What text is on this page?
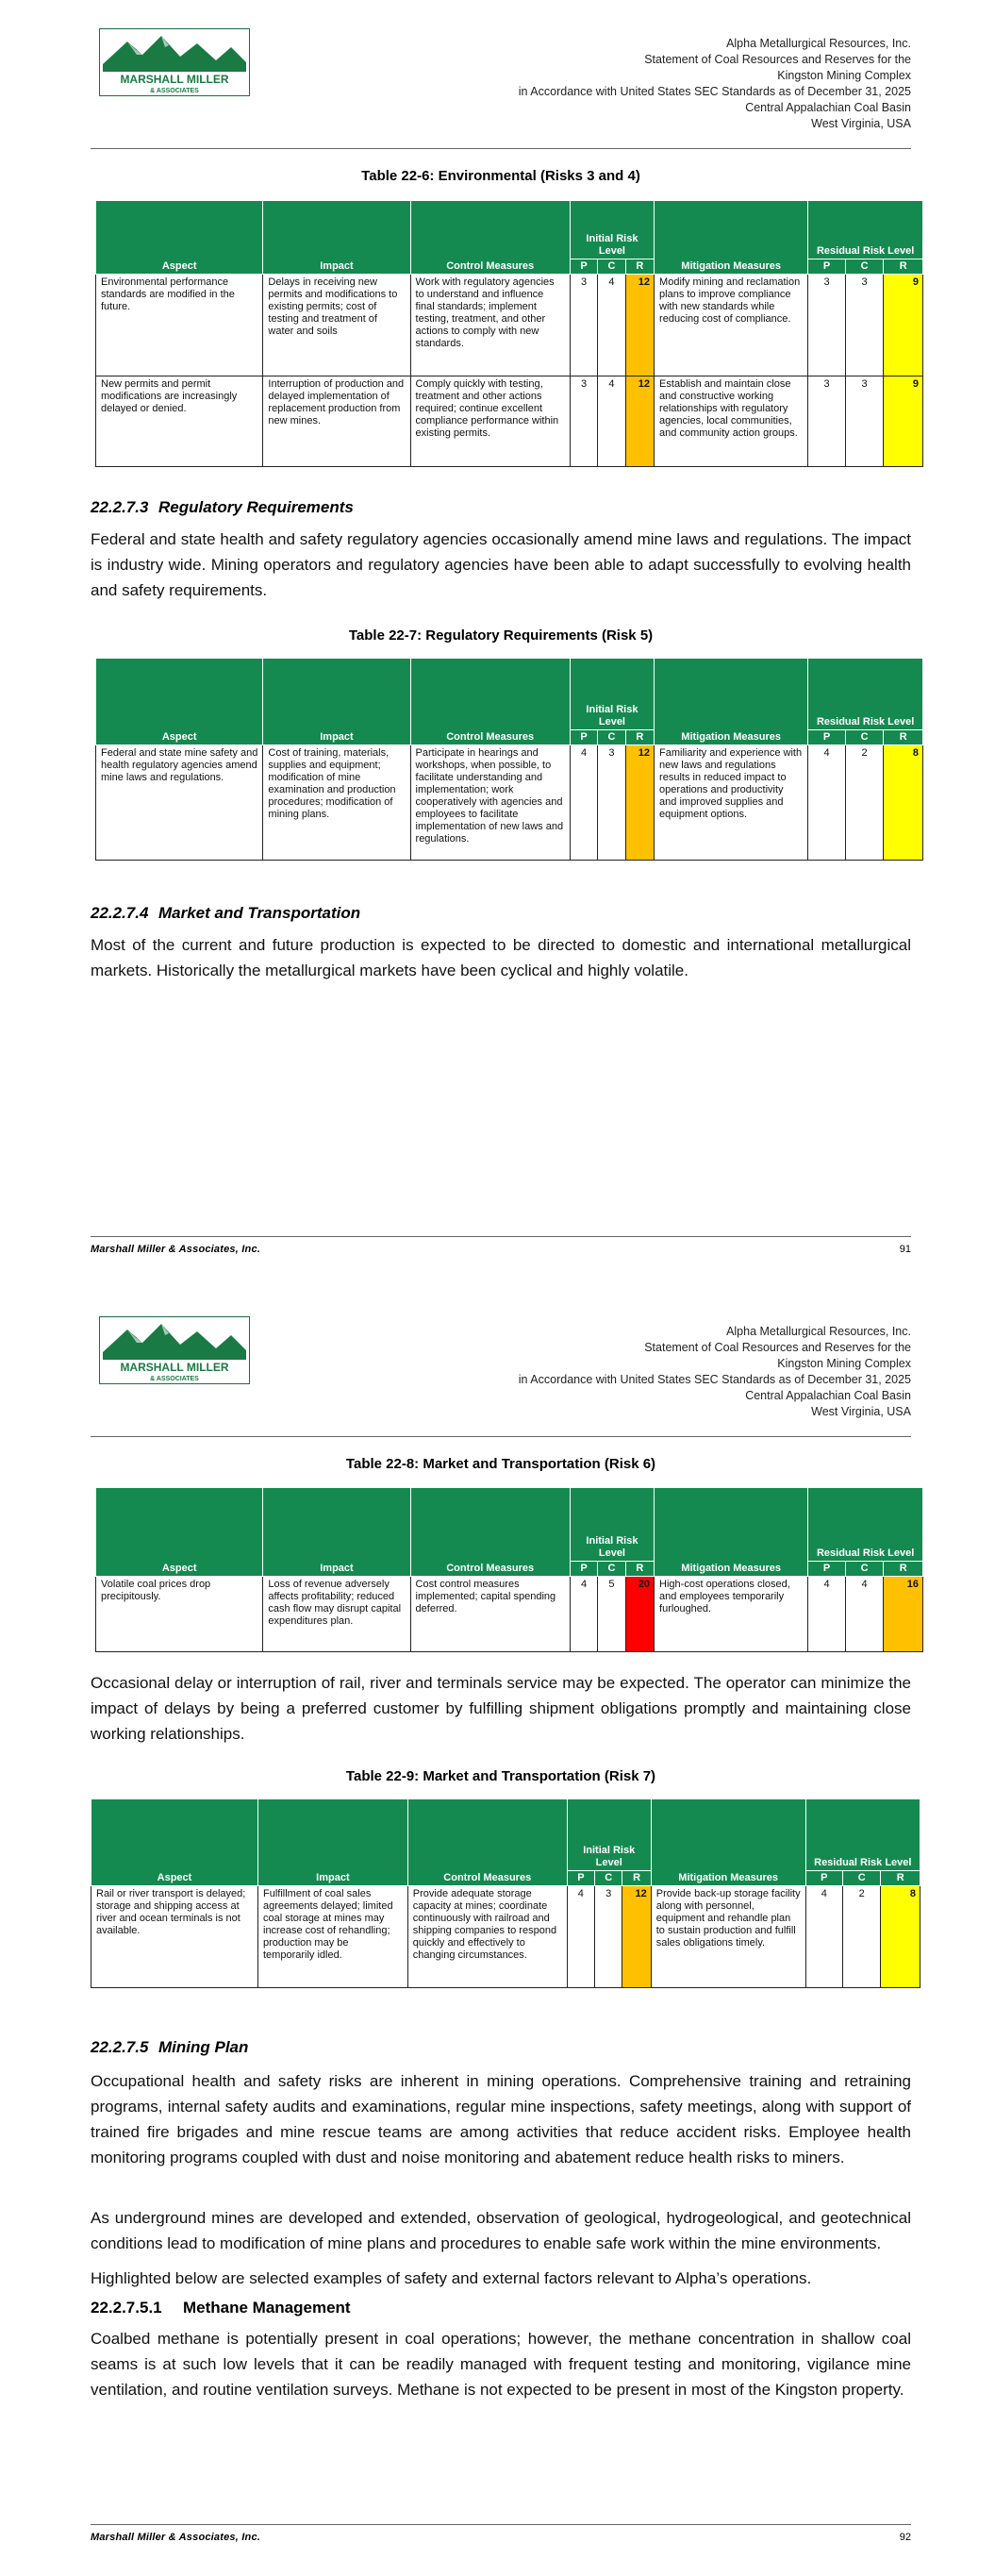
MARSHALL MILLER
& ASSOCIATES
Alpha Metallurgical Resources, Inc.
Statement of Coal Resources and Reserves for the
Kingston Mining Complex
in Accordance with United States SEC Standards as of December 31, 2025
Central Appalachian Coal Basin
West Virginia, USA
Table 22-6: Environmental (Risks 3 and 4)
Aspect	Impact	Control Measures	Initial Risk Level			Mitigation Measures	Residual Risk Level		
			P	C	R		P	C	R
Environmental performance standards are modified in the future.	Delays in receiving new permits and modifications to existing permits; cost of testing and treatment of water and soils	Work with regulatory agencies to understand and influence final standards; implement testing, treatment, and other actions to comply with new standards.	3	4	12	Modify mining and reclamation plans to improve compliance with new standards while reducing cost of compliance.	3	3	9
New permits and permit modifications are increasingly delayed or denied.	Interruption of production and delayed implementation of replacement production from new mines.	Comply quickly with testing, treatment and other actions required; continue excellent compliance performance within existing permits.	3	4	12	Establish and maintain close and constructive working relationships with regulatory agencies, local communities, and community action groups.	3	3	9
22.2.7.3 Regulatory Requirements
Federal and state health and safety regulatory agencies occasionally amend mine laws and regulations. The impact is industry wide. Mining operators and regulatory agencies have been able to adapt successfully to evolving health and safety requirements.
Table 22-7: Regulatory Requirements (Risk 5)
Aspect	Impact	Control Measures	Initial Risk Level			Mitigation Measures	Residual Risk Level		
			P	C	R		P	C	R
Federal and state mine safety and health regulatory agencies amend mine laws and regulations.	Cost of training, materials, supplies and equipment; modification of mine examination and production procedures; modification of mining plans.	Participate in hearings and workshops, when possible, to facilitate understanding and implementation; work cooperatively with agencies and employees to facilitate implementation of new laws and regulations.	4	3	12	Familiarity and experience with new laws and regulations results in reduced impact to operations and productivity and improved supplies and equipment options.	4	2	8
22.2.7.4 Market and Transportation
Most of the current and future production is expected to be directed to domestic and international metallurgical markets. Historically the metallurgical markets have been cyclical and highly volatile.
Marshall Miller & Associates, Inc.	91
MARSHALL MILLER
& ASSOCIATES
Alpha Metallurgical Resources, Inc.
Statement of Coal Resources and Reserves for the
Kingston Mining Complex
in Accordance with United States SEC Standards as of December 31, 2025
Central Appalachian Coal Basin
West Virginia, USA
Table 22-8: Market and Transportation (Risk 6)
Aspect	Impact	Control Measures	Initial Risk Level			Mitigation Measures	Residual Risk Level		
			P	C	R		P	C	R
Volatile coal prices drop precipitously.	Loss of revenue adversely affects profitability; reduced cash flow may disrupt capital expenditures plan.	Cost control measures implemented; capital spending deferred.	4	5	20	High-cost operations closed, and employees temporarily furloughed.	4	4	16
Occasional delay or interruption of rail, river and terminals service may be expected. The operator can minimize the impact of delays by being a preferred customer by fulfilling shipment obligations promptly and maintaining close working relationships.
Table 22-9: Market and Transportation (Risk 7)
Aspect	Impact	Control Measures	Initial Risk Level			Mitigation Measures	Residual Risk Level		
			P	C	R		P	C	R
Rail or river transport is delayed; storage and shipping access at river and ocean terminals is not available.	Fulfillment of coal sales agreements delayed; limited coal storage at mines may increase cost of rehandling; production may be temporarily idled.	Provide adequate storage capacity at mines; coordinate continuously with railroad and shipping companies to respond quickly and effectively to changing circumstances.	4	3	12	Provide back-up storage facility along with personnel, equipment and rehandle plan to sustain production and fulfill sales obligations timely.	4	2	8
22.2.7.5 Mining Plan
Occupational health and safety risks are inherent in mining operations. Comprehensive training and retraining programs, internal safety audits and examinations, regular mine inspections, safety meetings, along with support of trained fire brigades and mine rescue teams are among activities that reduce accident risks. Employee health monitoring programs coupled with dust and noise monitoring and abatement reduce health risks to miners.
As underground mines are developed and extended, observation of geological, hydrogeological, and geotechnical conditions lead to modification of mine plans and procedures to enable safe work within the mine environments.
Highlighted below are selected examples of safety and external factors relevant to Alpha’s operations.
22.2.7.5.1 Methane Management
Coalbed methane is potentially present in coal operations; however, the methane concentration in shallow coal seams is at such low levels that it can be readily managed with frequent testing and monitoring, vigilance mine ventilation, and routine ventilation surveys. Methane is not expected to be present in most of the Kingston property.
Marshall Miller & Associates, Inc.	92
